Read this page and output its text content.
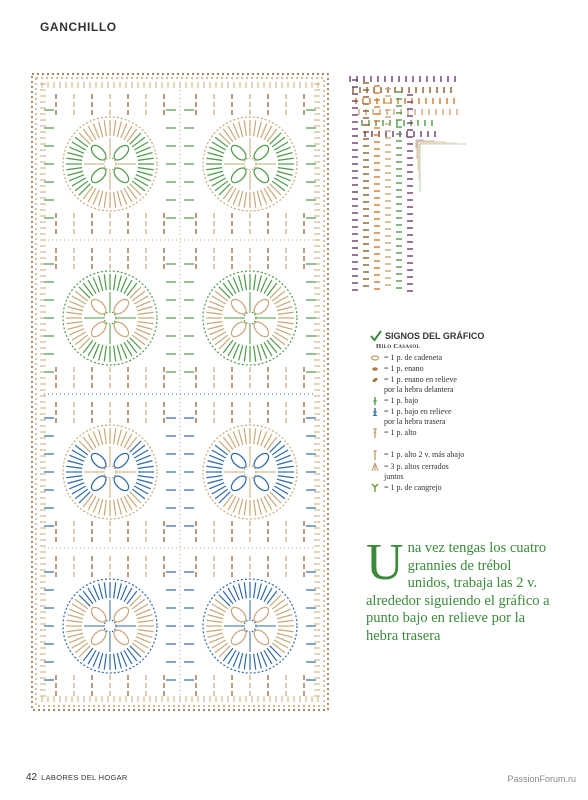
GANCHILLO
SIGNOS DEL GRÁFICO
Hilo Casasol
= 1 p. de cadeneta
= 1 p. enano
= 1 p. enano en relieve
por la hebra delantera
= 1 p. bajo
= 1 p. bajo en relieve
por la hebra trasera
= 1 p. alto
= 1 p. alto 2 v. más abajo
= 3 p. altos cerrados
juntos
= 1 p. de cangrejo
Una vez tengas los cuatro grannies de trébol unidos, trabaja las 2 v. alrededor siguiendo el gráfico a punto bajo en relieve por la hebra trasera
42 LABORES DEL HOGAR	PassionForum.ru
